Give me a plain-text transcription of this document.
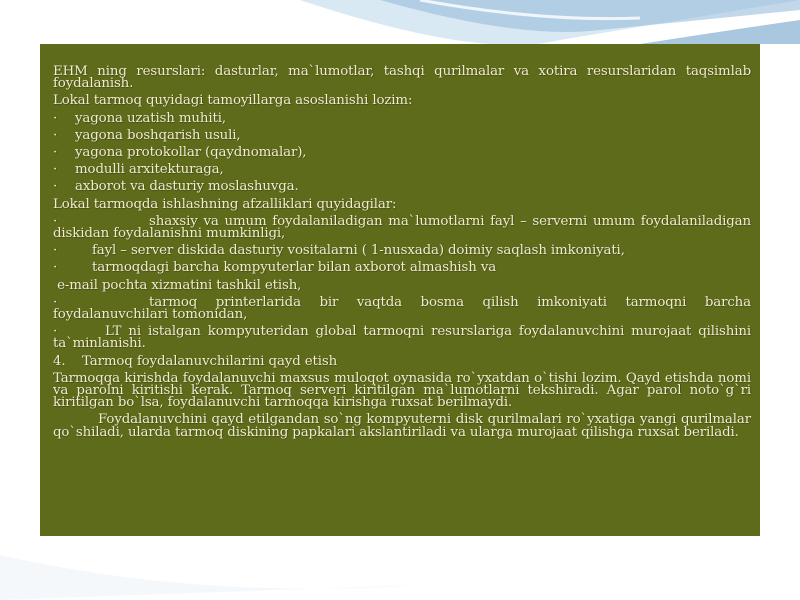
EHM ning resurslari: dasturlar, ma`lumotlar, tashqi qurilmalar va xotira resurslaridan taqsimlab foydalanish.

Lokal tarmoq quyidagi tamoyillarga asoslanishi lozim:

·	yagona uzatish muhiti,
·	yagona boshqarish usuli,
·	yagona protokollar (qaydnomalar),
·	modulli arxitekturaga,
·	axborot va dasturiy moslashuvga.

Lokal tarmoqda ishlashning afzalliklari quyidagilar:

·	shaxsiy va umum foydalaniladigan ma`lumotlarni fayl – serverni umum foydalaniladigan diskidan foydalanishni mumkinligi,

·	fayl – server diskida dasturiy vositalarni ( 1-nusxada) doimiy saqlash imkoniyati,

·	tarmoqdagi barcha kompyuterlar bilan axborot almashish va

e-mail pochta xizmatini tashkil etish,

·	tarmoq printerlarida bir vaqtda bosma qilish imkoniyati tarmoqni barcha foydalanuvchilari tomonidan,

·	LT ni istalgan kompyuteridan global tarmoqni resurslariga foydalanuvchini murojaat qilishini ta`minlanishi.

4.	Tarmoq foydalanuvchilarini qayd etish

Tarmoqqa kirishda foydalanuvchi maxsus muloqot oynasida ro`yxatdan o`tishi lozim. Qayd etishda nomi va parolni kiritishi kerak. Tarmoq serveri kiritilgan ma`lumotlarni tekshiradi. Agar parol noto`g`ri kiritilgan bo`lsa, foydalanuvchi tarmoqqa kirishga ruxsat berilmaydi.

Foydalanuvchini qayd etilgandan so`ng kompyuterni disk qurilmalari ro`yxatiga yangi qurilmalar qo`shiladi, ularda tarmoq diskining papkalari akslantiriladi va ularga murojaat qilishga ruxsat beriladi.
